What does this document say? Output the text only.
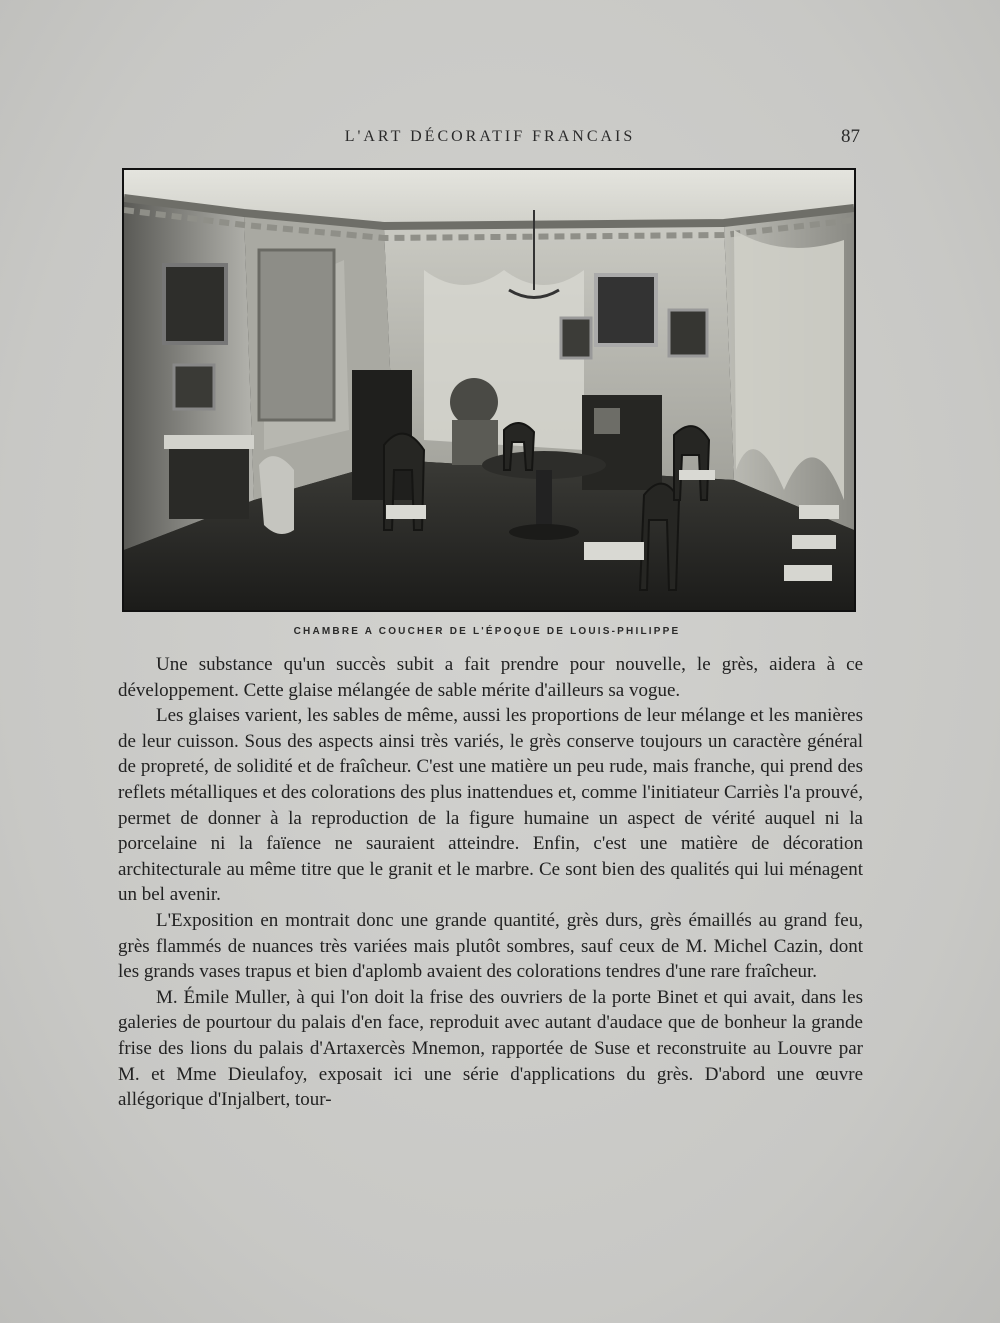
L'ART DÉCORATIF FRANCAIS	87
CHAMBRE A COUCHER DE L'ÉPOQUE DE LOUIS-PHILIPPE

Une substance qu'un succès subit a fait prendre pour nouvelle, le grès, aidera à ce développement. Cette glaise mélangée de sable mérite d'ailleurs sa vogue.

Les glaises varient, les sables de même, aussi les proportions de leur mélange et les manières de leur cuisson. Sous des aspects ainsi très variés, le grès conserve toujours un caractère général de propreté, de solidité et de fraîcheur. C'est une matière un peu rude, mais franche, qui prend des reflets métalliques et des colorations des plus inattendues et, comme l'initiateur Carriès l'a prouvé, permet de donner à la reproduction de la figure humaine un aspect de vérité auquel ni la porcelaine ni la faïence ne sauraient atteindre. Enfin, c'est une matière de décoration architecturale au même titre que le granit et le marbre. Ce sont bien des qualités qui lui ménagent un bel avenir.

L'Exposition en montrait donc une grande quantité, grès durs, grès émaillés au grand feu, grès flammés de nuances très variées mais plutôt sombres, sauf ceux de M. Michel Cazin, dont les grands vases trapus et bien d'aplomb avaient des colorations tendres d'une rare fraîcheur.

M. Émile Muller, à qui l'on doit la frise des ouvriers de la porte Binet et qui avait, dans les galeries de pourtour du palais d'en face, reproduit avec autant d'audace que de bonheur la grande frise des lions du palais d'Artaxercès Mnemon, rapportée de Suse et reconstruite au Louvre par M. et Mme Dieulafoy, exposait ici une série d'applications du grès. D'abord une œuvre allégorique d'Injalbert, tour-
